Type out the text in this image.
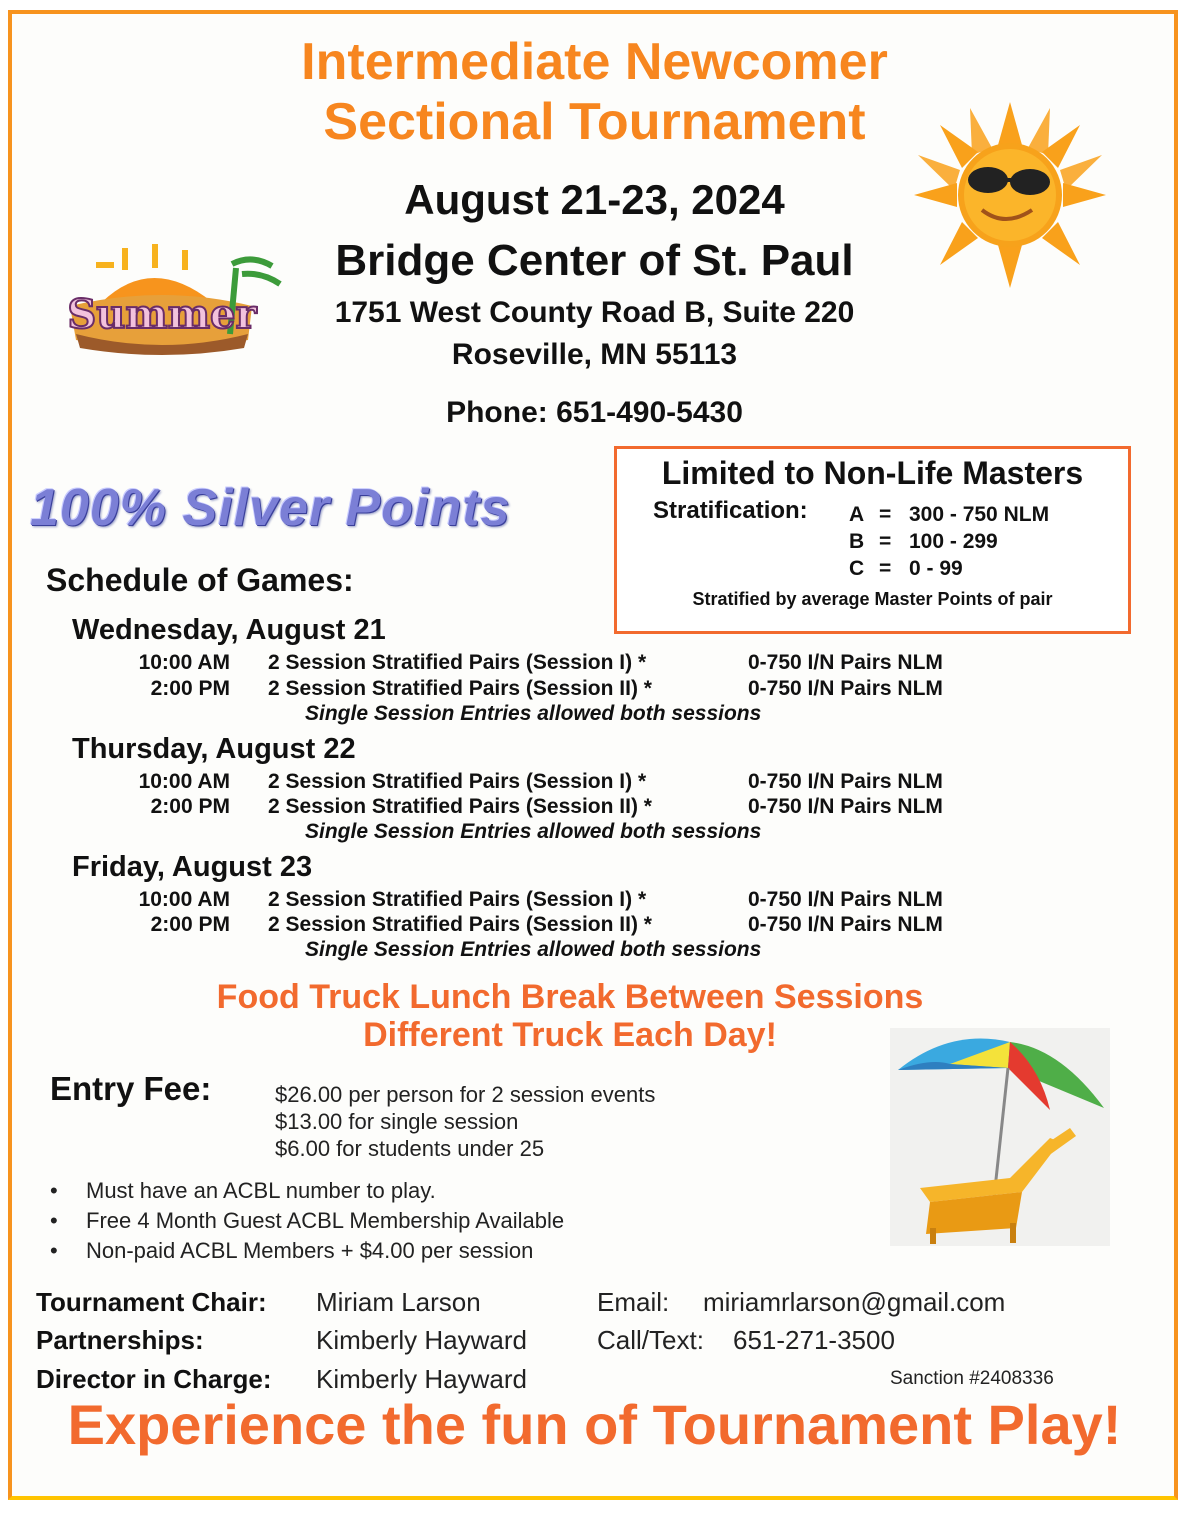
Intermediate Newcomer
Sectional Tournament
August 21-23, 2024
Bridge Center of St. Paul
1751 West County Road B, Suite 220
Roseville, MN 55113
Phone: 651-490-5430
Summer
100% Silver Points
Limited to Non-Life Masters
Stratification: A = 300 - 750 NLM
B = 100 - 299
C = 0 - 99
Stratified by average Master Points of pair
Schedule of Games:
Wednesday, August 21
10:00 AM 2 Session Stratified Pairs (Session I) *	0-750 I/N Pairs NLM
2:00 PM 2 Session Stratified Pairs (Session II) *	0-750 I/N Pairs NLM
Single Session Entries allowed both sessions
Thursday, August 22
10:00 AM 2 Session Stratified Pairs (Session I) *	0-750 I/N Pairs NLM
2:00 PM 2 Session Stratified Pairs (Session II) *	0-750 I/N Pairs NLM
Single Session Entries allowed both sessions
Friday, August 23
10:00 AM 2 Session Stratified Pairs (Session I) *	0-750 I/N Pairs NLM
2:00 PM 2 Session Stratified Pairs (Session II) *	0-750 I/N Pairs NLM
Single Session Entries allowed both sessions
Food Truck Lunch Break Between Sessions
Different Truck Each Day!
Entry Fee:	$26.00 per person for 2 session events
$13.00 for single session
$6.00 for students under 25
• Must have an ACBL number to play.
• Free 4 Month Guest ACBL Membership Available
• Non-paid ACBL Members + $4.00 per session
Tournament Chair: Miriam Larson	Email: miriamrlarson@gmail.com
Partnerships:	Kimberly Hayward	Call/Text: 651-271-3500
Director in Charge: Kimberly Hayward	Sanction #2408336
Experience the fun of Tournament Play!
